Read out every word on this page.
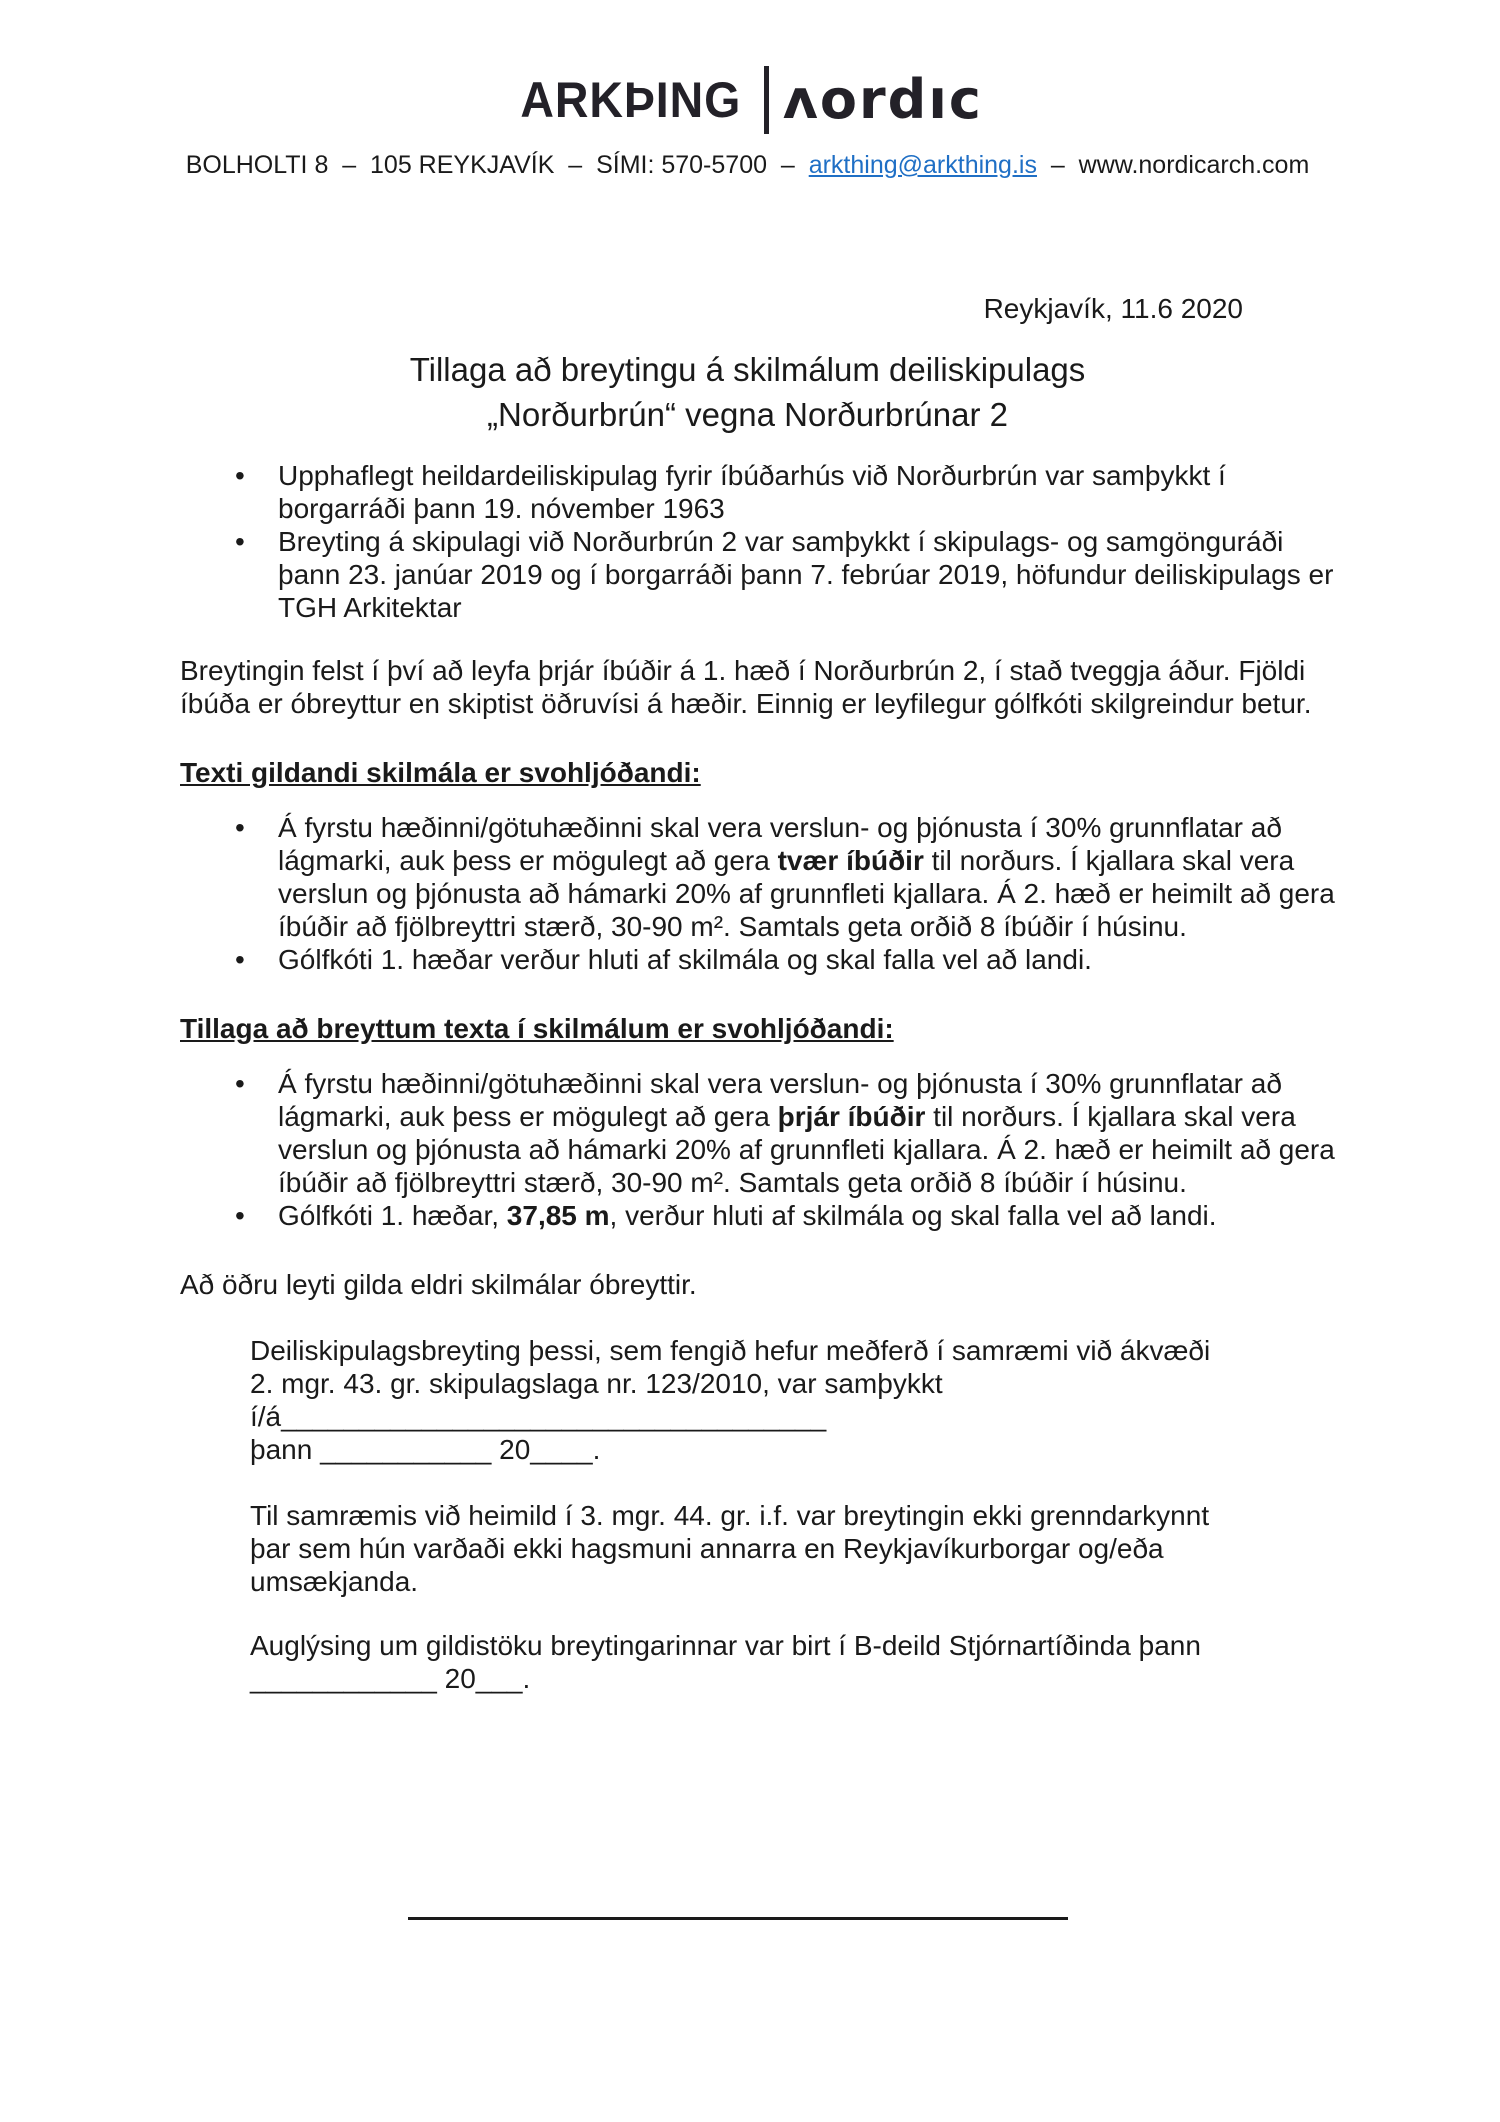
ARKÞING ʌordıc
BOLHOLTI 8  –  105 REYKJAVÍK  –  SÍMI: 570-5700  –  arkthing@arkthing.is  –  www.nordicarch.com
Reykjavík, 11.6 2020
Tillaga að breytingu á skilmálum deiliskipulags
„Norðurbrún“ vegna Norðurbrúnar 2
• Upphaflegt heildardeiliskipulag fyrir íbúðarhús við Norðurbrún var samþykkt í
borgarráði þann 19. nóvember 1963
• Breyting á skipulagi við Norðurbrún 2 var samþykkt í skipulags- og samgönguráði
þann 23. janúar 2019 og í borgarráði þann 7. febrúar 2019, höfundur deiliskipulags er
TGH Arkitektar
Breytingin felst í því að leyfa þrjár íbúðir á 1. hæð í Norðurbrún 2, í stað tveggja áður. Fjöldi
íbúða er óbreyttur en skiptist öðruvísi á hæðir. Einnig er leyfilegur gólfkóti skilgreindur betur.
Texti gildandi skilmála er svohljóðandi:
• Á fyrstu hæðinni/götuhæðinni skal vera verslun- og þjónusta í 30% grunnflatar að
lágmarki, auk þess er mögulegt að gera tvær íbúðir til norðurs. Í kjallara skal vera
verslun og þjónusta að hámarki 20% af grunnfleti kjallara. Á 2. hæð er heimilt að gera
íbúðir að fjölbreyttri stærð, 30-90 m². Samtals geta orðið 8 íbúðir í húsinu.
• Gólfkóti 1. hæðar verður hluti af skilmála og skal falla vel að landi.
Tillaga að breyttum texta í skilmálum er svohljóðandi:
• Á fyrstu hæðinni/götuhæðinni skal vera verslun- og þjónusta í 30% grunnflatar að
lágmarki, auk þess er mögulegt að gera þrjár íbúðir til norðurs. Í kjallara skal vera
verslun og þjónusta að hámarki 20% af grunnfleti kjallara. Á 2. hæð er heimilt að gera
íbúðir að fjölbreyttri stærð, 30-90 m². Samtals geta orðið 8 íbúðir í húsinu.
• Gólfkóti 1. hæðar, 37,85 m, verður hluti af skilmála og skal falla vel að landi.
Að öðru leyti gilda eldri skilmálar óbreyttir.
Deiliskipulagsbreyting þessi, sem fengið hefur meðferð í samræmi við ákvæði
2. mgr. 43. gr. skipulagslaga nr. 123/2010, var samþykkt
í/á___________________________________
þann ___________ 20____.
Til samræmis við heimild í 3. mgr. 44. gr. i.f. var breytingin ekki grenndarkynnt
þar sem hún varðaði ekki hagsmuni annarra en Reykjavíkurborgar og/eða
umsækjanda.
Auglýsing um gildistöku breytingarinnar var birt í B-deild Stjórnartíðinda þann
____________ 20___.
